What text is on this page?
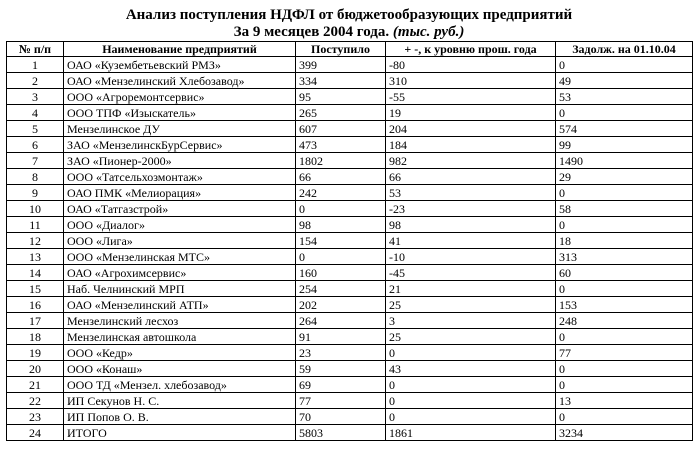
Анализ поступления НДФЛ от бюджетообразующих предприятий
За 9 месяцев 2004 года. (тыс. руб.)
№ п/п	Наименование предприятий	Поступило	+ -, к уровню прош. года	Задолж. на 01.10.04
1	ОАО «Кузембетьевский РМЗ»	399	-80	0
2	ОАО «Мензелинский Хлебозавод»	334	310	49
3	ООО «Агроремонтсервис»	95	-55	53
4	ООО ТПФ «Изыскатель»	265	19	0
5	Мензелинское ДУ	607	204	574
6	ЗАО «МензелинскБурСервис»	473	184	99
7	ЗАО «Пионер-2000»	1802	982	1490
8	ООО «Татсельхозмонтаж»	66	66	29
9	ОАО ПМК «Мелиорация»	242	53	0
10	ОАО «Татгазстрой»	0	-23	58
11	ООО «Диалог»	98	98	0
12	ООО «Лига»	154	41	18
13	ООО «Мензелинская МТС»	0	-10	313
14	ОАО «Агрохимсервис»	160	-45	60
15	Наб. Челнинский МРП	254	21	0
16	ОАО «Мензелинский АТП»	202	25	153
17	Мензелинский лесхоз	264	3	248
18	Мензелинская автошкола	91	25	0
19	ООО «Кедр»	23	0	77
20	ООО «Конаш»	59	43	0
21	ООО ТД «Мензел. хлебозавод»	69	0	0
22	ИП Секунов Н. С.	77	0	13
23	ИП Попов О. В.	70	0	0
24	ИТОГО	5803	1861	3234
